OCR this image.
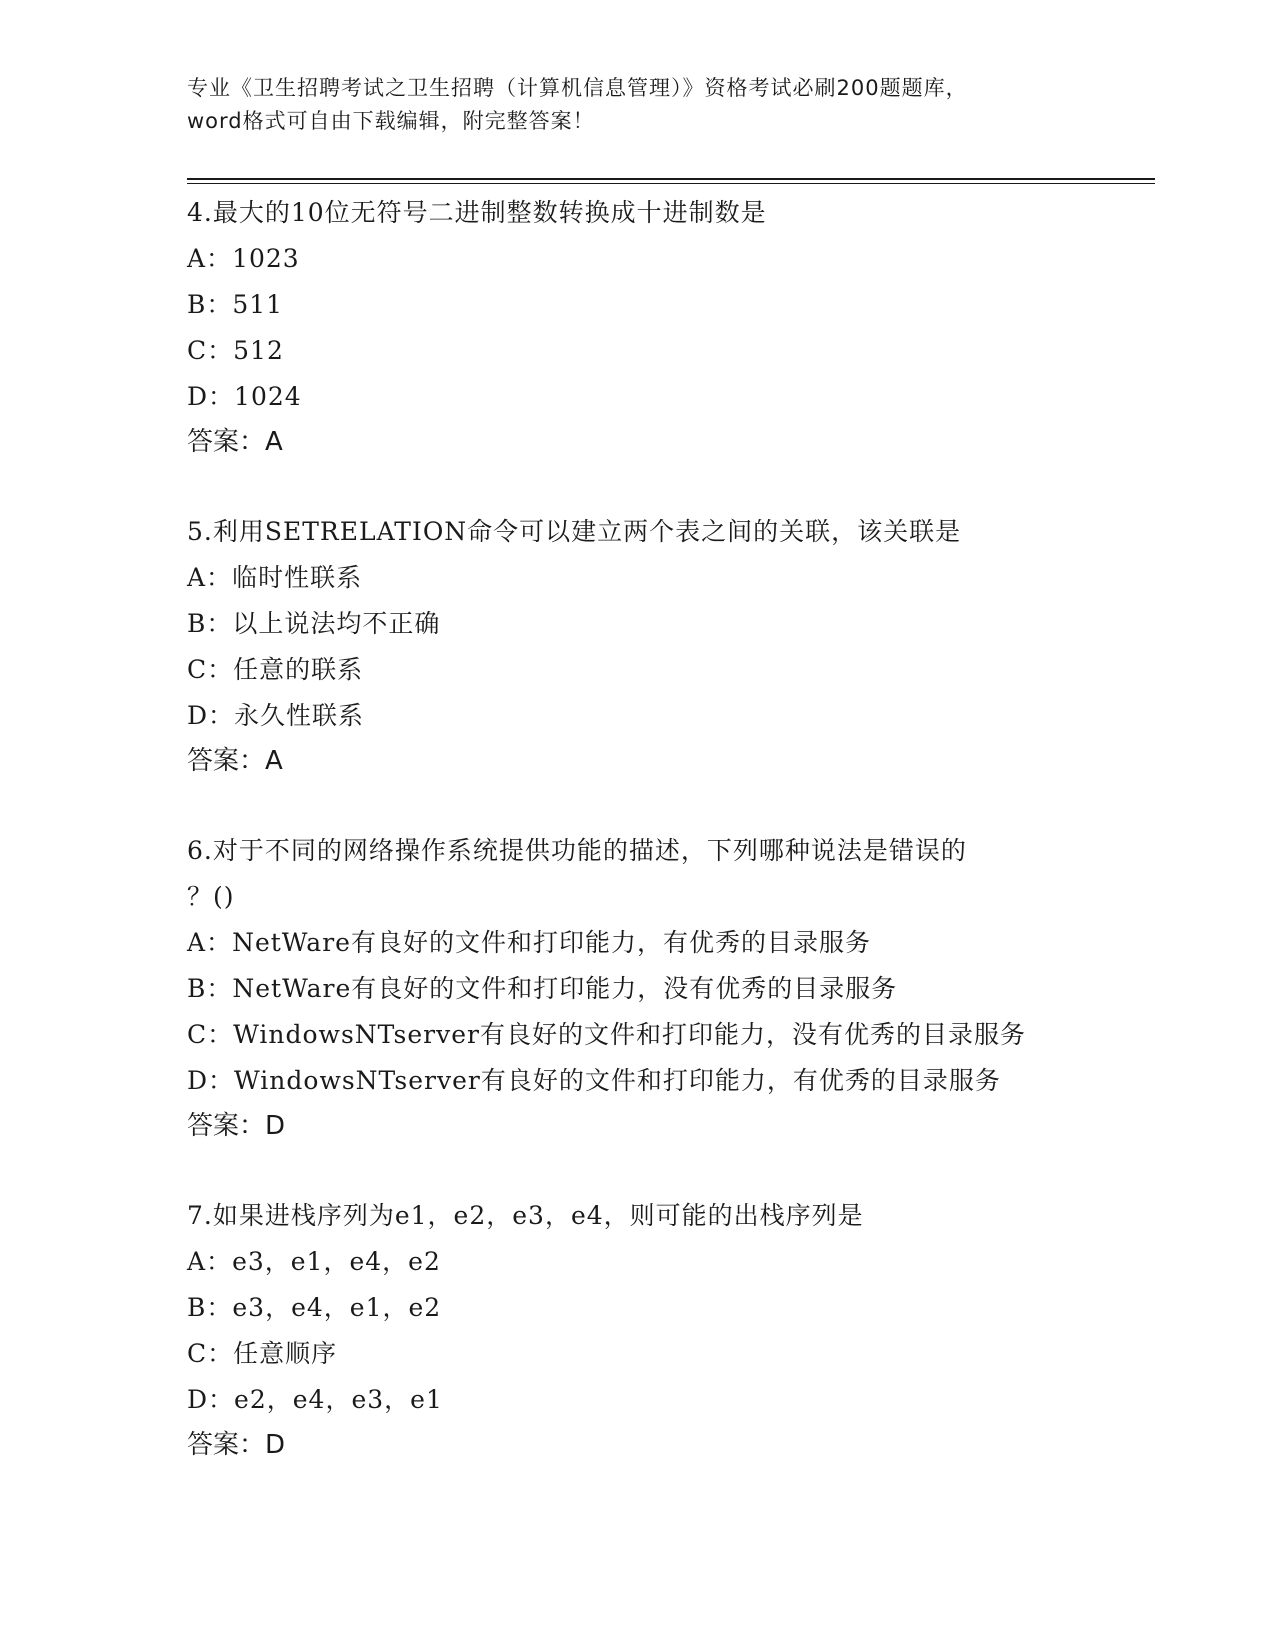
专业《卫生招聘考试之卫生招聘（计算机信息管理）》资格考试必刷200题题库，
word格式可自由下载编辑，附完整答案！
4.最大的10位无符号二进制整数转换成十进制数是
A：1023
B：511
C：512
D：1024
答案：A
5.利用SETRELATION命令可以建立两个表之间的关联，该关联是
A：临时性联系
B：以上说法均不正确
C：任意的联系
D：永久性联系
答案：A
6.对于不同的网络操作系统提供功能的描述，下列哪种说法是错误的
？()
A：NetWare有良好的文件和打印能力，有优秀的目录服务
B：NetWare有良好的文件和打印能力，没有优秀的目录服务
C：WindowsNTserver有良好的文件和打印能力，没有优秀的目录服务
D：WindowsNTserver有良好的文件和打印能力，有优秀的目录服务
答案：D
7.如果进栈序列为e1，e2，e3，e4，则可能的出栈序列是
A：e3，e1，e4，e2
B：e3，e4，e1，e2
C：任意顺序
D：e2，e4，e3，e1
答案：D
